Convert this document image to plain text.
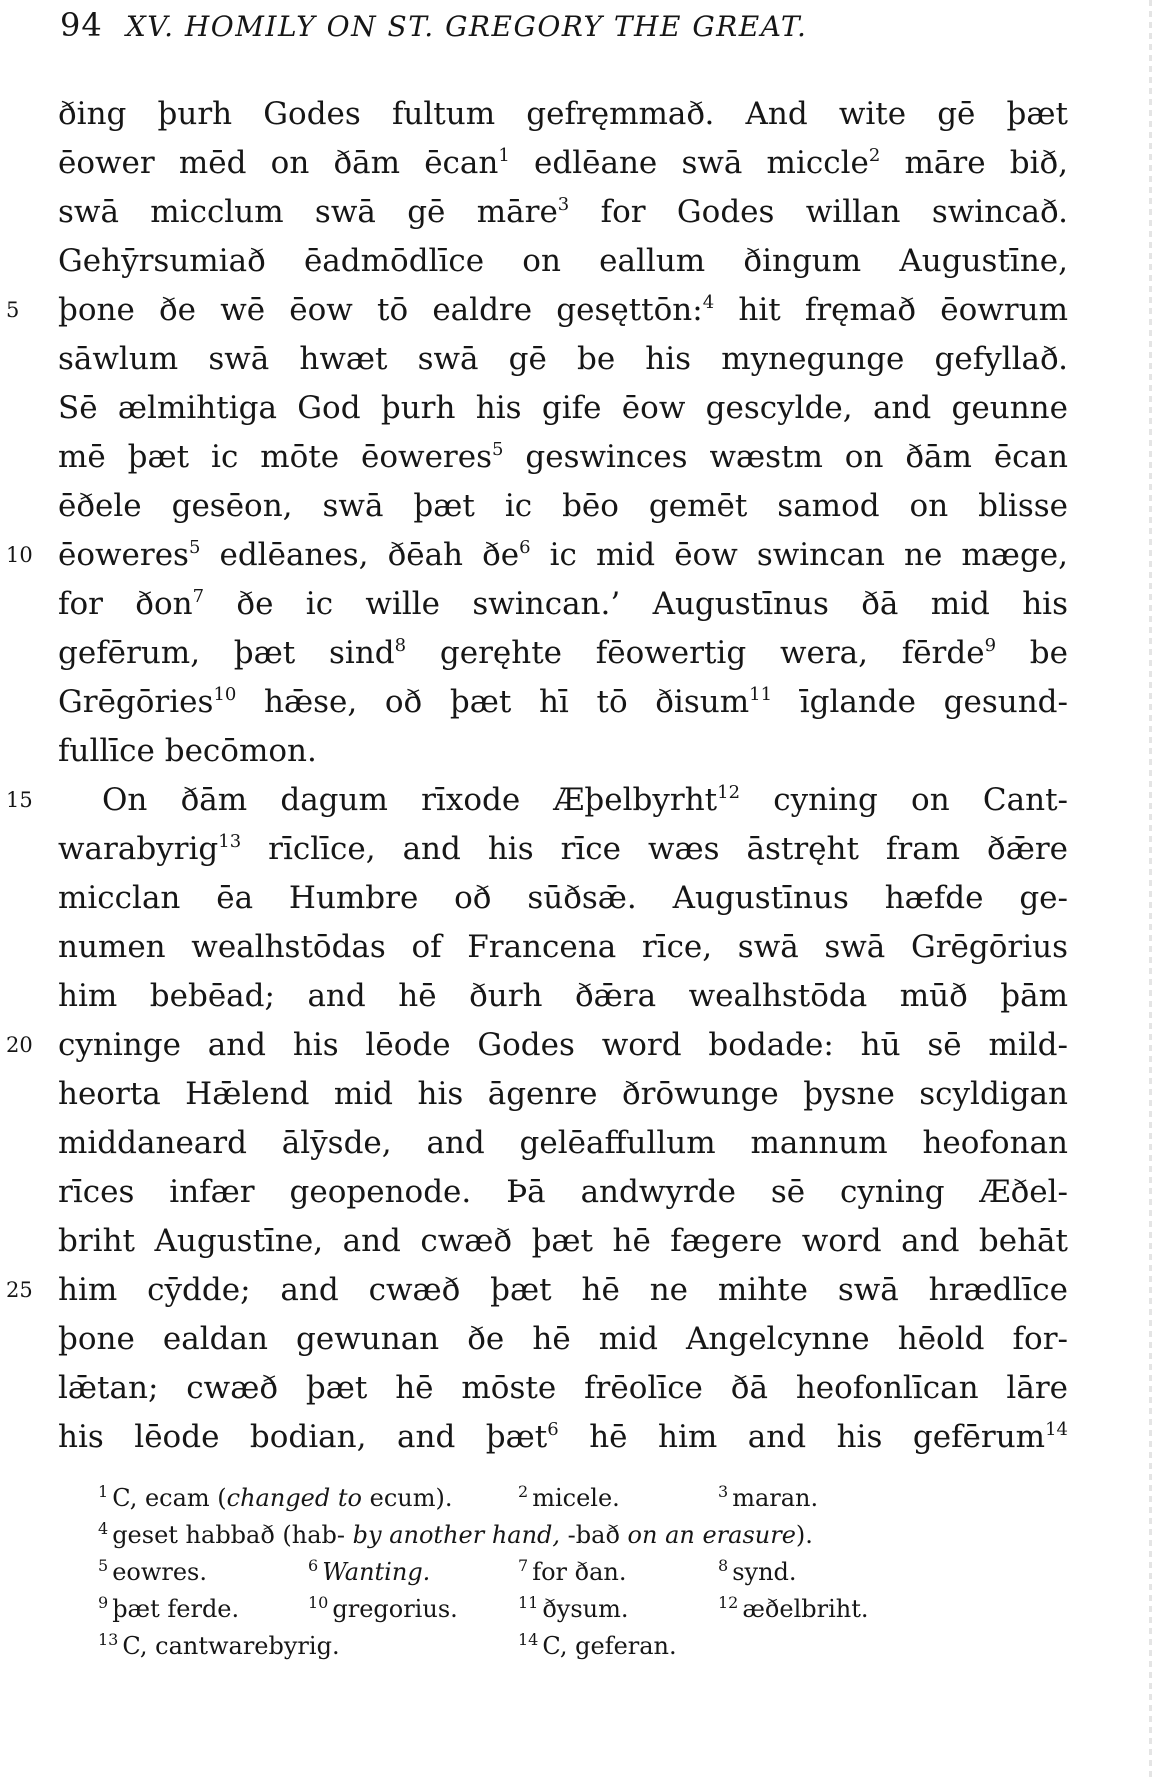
94 XV. HOMILY ON ST. GREGORY THE GREAT.
ðing þurh Godes fultum gefręmmað. And wite gē þæt
ēower mēd on ðām ēcan$^1$ edlēane swā miccle$^2$ māre bið,
swā micclum swā gē māre$^3$ for Godes willan swincað.
Gehȳrsumiað ēadmōdlīce on eallum ðingum Augustīne,
5	þone ðe wē ēow tō ealdre gesęttōn:$^4$ hit fręmað ēowrum
sāwlum swā hwæt swā gē be his mynegunge gefyllað.
Sē ælmihtiga God þurh his gife ēow gescylde, and geunne
mē þæt ic mōte ēoweres$^5$ geswinces wæstm on ðām ēcan
ēðele gesēon, swā þæt ic bēo gemēt samod on blisse
10 ēoweres$^5$ edlēanes, ðēah $ðe^6$ ic mid ēow swincan ne mæge,
for ðon$^7$ ðe ic wille swincan.’ Augustīnus ðā mid his
gefērum, þæt sind$^8$ geręhte fēowertig wera, fērde$^9$ be
Grēgōries$^{10}$ hǣse, oð þæt hī tō ðisum$^{11}$ īglande gesund-
fullīce becōmon.
15	On ðām dagum rīxode Æþelbyrht$^{12}$ cyning on Cant-
warabyrig$^{13}$ rīclīce, and his rīce wæs āstręht fram ðǣre
micclan ēa Humbre oð sūðsǣ. Augustīnus hæfde ge-
numen wealhstōdas of Francena rīce, swā swā Grēgōrius
him bebēad; and hē ðurh ðǣra wealhstōda mūð þām
20 cyninge and his lēode Godes word bodade: hū sē mild-
heorta Hǣlend mid his āgenre ðrōwunge þysne scyldigan
middaneard ālȳsde, and gelēaffullum mannum heofonan
rīces infær geopenode. Þā andwyrde sē cyning Æðel-
briht Augustīne, and cwæð þæt hē fægere word and behāt
25 him cȳdde; and cwæð þæt hē ne mihte swā hrædlīce
þone ealdan gewunan ðe hē mid Angelcynne hēold for-
lǣtan; cwæð þæt hē mōste frēolīce ðā heofonlīcan lāre
his lēode bodian, and þæt$^6$ hē him and his gefērum$^{14}$
$^1$ C, ecam (changed to ecum).	$^2$ micele.	$^3$ maran.
$^4$ geset habbað (hab- by another hand, -bað on an erasure).
$^5$ eowres.	$^6$ Wanting.	$^7$ for ðan.	$^8$ synd.
$^9$ þæt ferde.	$^{10}$ gregorius.	$^{11}$ ðysum.	$^{12}$ æðelbriht.
$^{13}$ C, cantwarebyrig.	$^{14}$ C, geferan.
